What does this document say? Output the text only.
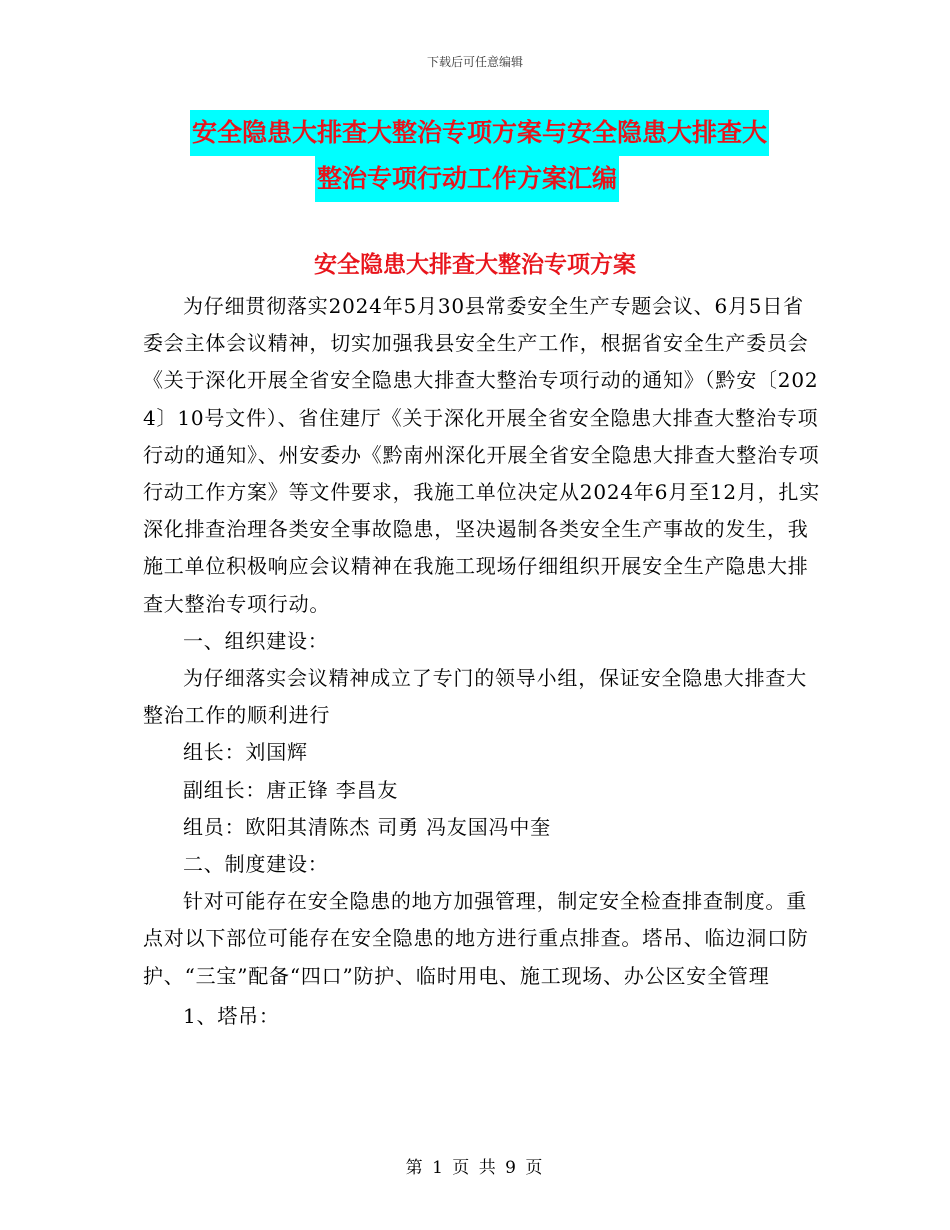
下载后可任意编辑
安全隐患大排查大整治专项方案与安全隐患大排查大
整治专项行动工作方案汇编
安全隐患大排查大整治专项方案

为仔细贯彻落实2024年5月30县常委安全生产专题会议、6月5日省委会主体会议精神，切实加强我县安全生产工作，根据省安全生产委员会《关于深化开展全省安全隐患大排查大整治专项行动的通知》（黔安〔2024〕10号文件）、省住建厅《关于深化开展全省安全隐患大排查大整治专项行动的通知》、州安委办《黔南州深化开展全省安全隐患大排查大整治专项行动工作方案》等文件要求，我施工单位决定从2024年6月至12月，扎实深化排查治理各类安全事故隐患，坚决遏制各类安全生产事故的发生，我施工单位积极响应会议精神在我施工现场仔细组织开展安全生产隐患大排查大整治专项行动。

一、组织建设：

为仔细落实会议精神成立了专门的领导小组，保证安全隐患大排查大整治工作的顺利进行

组长：刘国辉

副组长：唐正锋 李昌友

组员：欧阳其清陈杰 司勇 冯友国冯中奎

二、制度建设：

针对可能存在安全隐患的地方加强管理，制定安全检查排查制度。重点对以下部位可能存在安全隐患的地方进行重点排查。塔吊、临边洞口防护、“三宝”配备“四口”防护、临时用电、施工现场、办公区安全管理

1、塔吊：

第 1 页 共 9 页
